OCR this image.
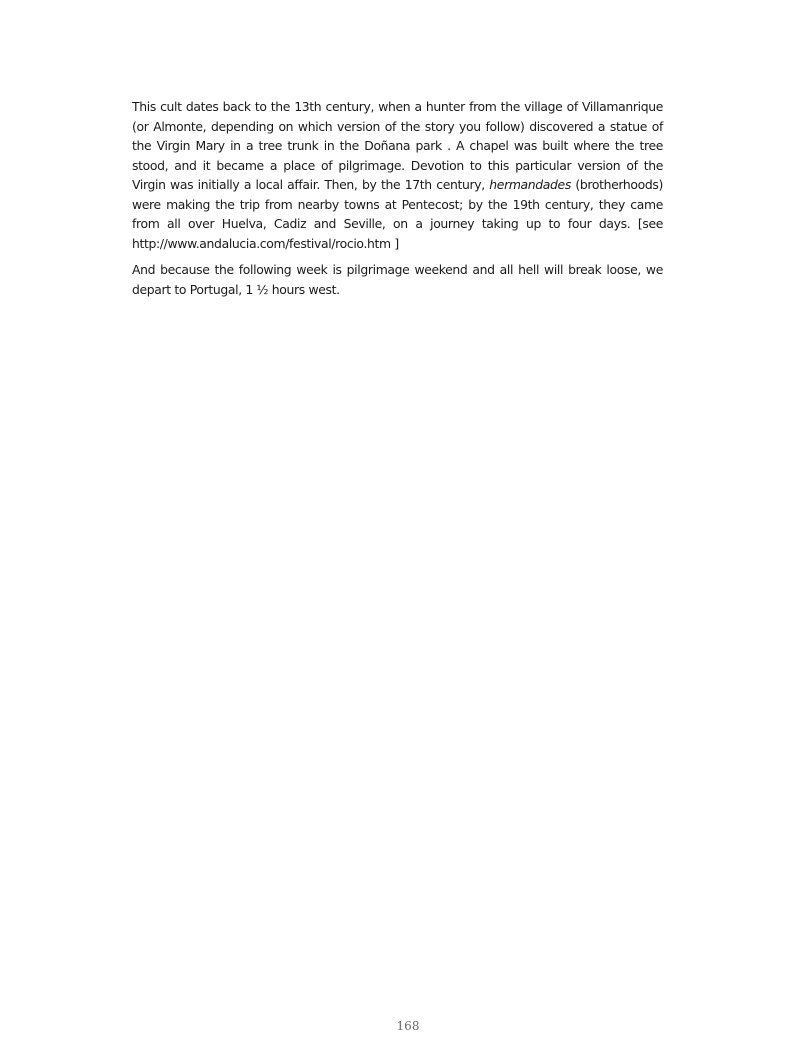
This cult dates back to the 13th century, when a hunter from the village of Villamanrique (or Almonte, depending on which version of the story you follow) discovered a statue of the Virgin Mary in a tree trunk in the Doñana park . A chapel was built where the tree stood, and it became a place of pilgrimage. Devotion to this particular version of the Virgin was initially a local affair. Then, by the 17th century, hermandades (brotherhoods) were making the trip from nearby towns at Pentecost; by the 19th century, they came from all over Huelva, Cadiz and Seville, on a journey taking up to four days. [see http://www.andalucia.com/festival/rocio.htm ]

And because the following week is pilgrimage weekend and all hell will break loose, we depart to Portugal, 1 ½ hours west.

168
